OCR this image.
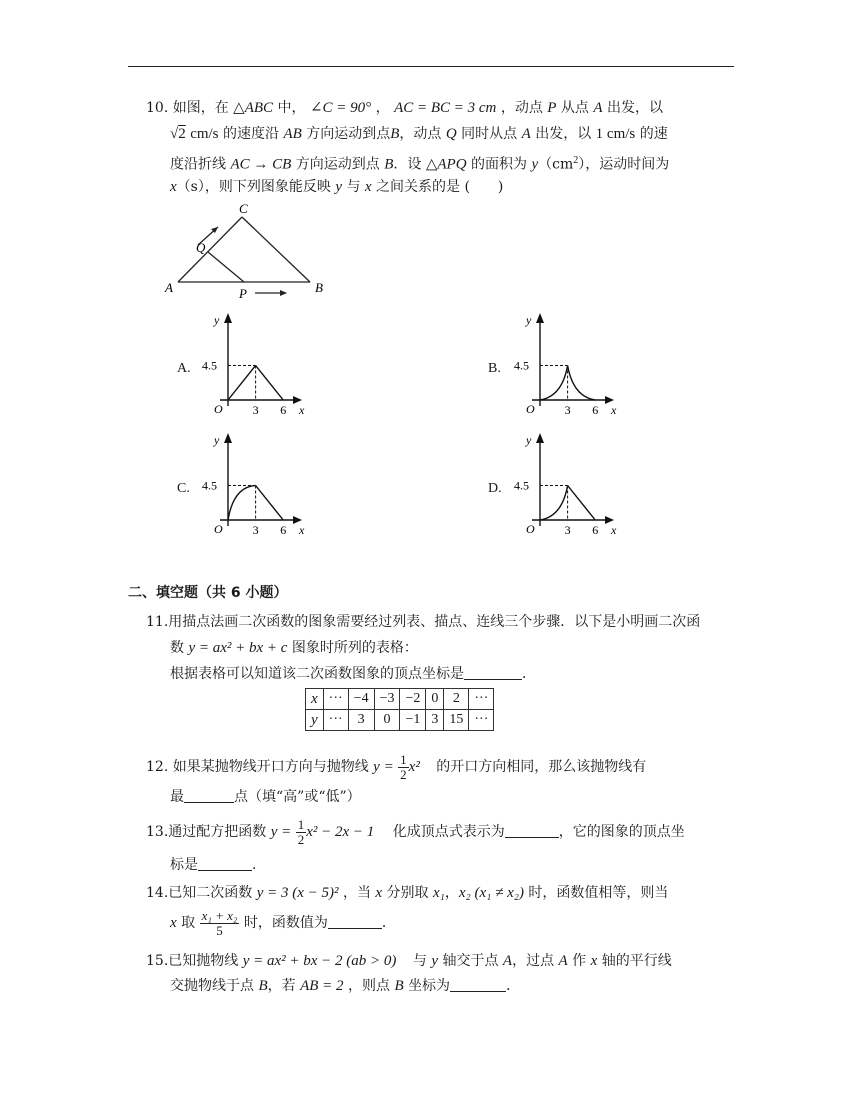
10. 如图，在 △ABC 中， ∠C = 90° ， AC = BC = 3 cm ，动点 P 从点 A 出发，以
√2 cm/s 的速度沿 AB 方向运动到点B，动点 Q 同时从点 A 出发，以 1 cm/s 的速
度沿折线 AC → CB 方向运动到点 B．设 △APQ 的面积为 $y(cm^2)$，运动时间为
x（s），则下列图象能反映 y 与 x 之间关系的是 (　　)
A	B
C
P
Q
A.	B.
C.	D.
y
x
O
4.5
3 6
y
x
O
4.5
3 6
y
x
O
4.5
3 6
y
x
O
4.5
3 6
二、填空题（共 6 小题）
11.用描点法画二次函数的图象需要经过列表、描点、连线三个步骤．以下是小明画二次函
数 y = ax² + bx + c 图象时所列的表格：
根据表格可以知道该二次函数图象的顶点坐标是	．
x	···	−4	−3	−2	0	2	···
y	···	3	0	−1	3	15	···
12. 如果某抛物线开口方向与抛物线 $y = \frac{1}{2} x^2$ 的开口方向相同，那么该抛物线有
最	点（填“高”或“低”）
13.通过配方把函数 $y = \frac{1}{2} x^2 - 2x - 1$ 化成顶点式表示为	，它的图象的顶点坐
标是	．
14.已知二次函数 y = 3 (x − 5)² ，当 x 分别取 x₁，x₂ (x₁ ≠ x₂) 时，函数值相等，则当
x 取 $\frac{\text{x₁ + x₂}}{5}$ 时，函数值为	．
15.已知抛物线 y = ax² + bx − 2 (ab > 0) 与 y 轴交于点 A，过点 A 作 x 轴的平行线
交抛物线于点 B，若 AB = 2 ，则点 B 坐标为	．
